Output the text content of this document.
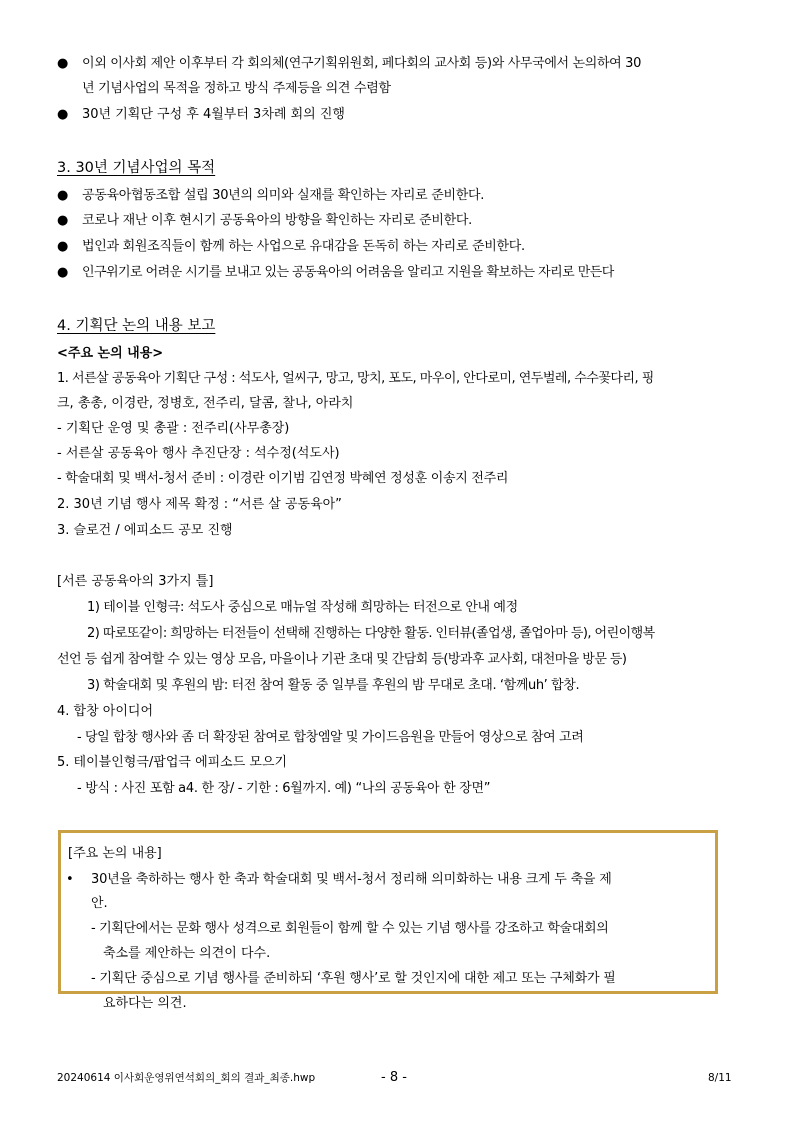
● 이외 이사회 제안 이후부터 각 회의체(연구기획위원회, 페다회의 교사회 등)와 사무국에서 논의하여 30
년 기념사업의 목적을 정하고 방식 주제등을 의견 수렴함
● 30년 기획단 구성 후 4월부터 3차례 회의 진행
3. 30년 기념사업의 목적
● 공동육아협동조합 설립 30년의 의미와 실재를 확인하는 자리로 준비한다.
● 코로나 재난 이후 현시기 공동육아의 방향을 확인하는 자리로 준비한다.
● 법인과 회원조직들이 함께 하는 사업으로 유대감을 돈독히 하는 자리로 준비한다.
● 인구위기로 어려운 시기를 보내고 있는 공동육아의 어려움을 알리고 지원을 확보하는 자리로 만든다
4. 기획단 논의 내용 보고
<주요 논의 내용>
1. 서른살 공동육아 기획단 구성 : 석도사, 얼씨구, 망고, 망치, 포도, 마우이, 안다로미, 연두벌레, 수수꽃다리, 핑
크, 총총, 이경란, 정병호, 전주리, 달콤, 찰나, 아라치
- 기획단 운영 및 총괄 : 전주리(사무총장)
- 서른살 공동육아 행사 추진단장 : 석수정(석도사)
- 학술대회 및 백서-청서 준비 : 이경란 이기범 김연정 박혜연 정성훈 이송지 전주리
2. 30년 기념 행사 제목 확정 : “서른 살 공동육아”
3. 슬로건 / 에피소드 공모 진행
[서른 공동육아의 3가지 틀]
1) 테이블 인형극: 석도사 중심으로 매뉴얼 작성해 희망하는 터전으로 안내 예정
2) 따로또같이: 희망하는 터전들이 선택해 진행하는 다양한 활동. 인터뷰(졸업생, 졸업아마 등), 어린이행복
선언 등 쉽게 참여할 수 있는 영상 모음, 마을이나 기관 초대 및 간담회 등(방과후 교사회, 대천마을 방문 등)
3) 학술대회 및 후원의 밤: 터전 참여 활동 중 일부를 후원의 밤 무대로 초대. ‘함께uh’ 합창.
4. 합창 아이디어
- 당일 합창 행사와 좀 더 확장된 참여로 합창엠알 및 가이드음원을 만들어 영상으로 참여 고려
5. 테이블인형극/팝업극 에피소드 모으기
- 방식 : 사진 포함 a4. 한 장/ - 기한 : 6월까지. 예) “나의 공동육아 한 장면”
[주요 논의 내용]
• 30년을 축하하는 행사 한 축과 학술대회 및 백서-청서 정리해 의미화하는 내용 크게 두 축을 제
안.
- 기획단에서는 문화 행사 성격으로 회원들이 함께 할 수 있는 기념 행사를 강조하고 학술대회의
축소를 제안하는 의견이 다수.
- 기획단 중심으로 기념 행사를 준비하되 ‘후원 행사’로 할 것인지에 대한 제고 또는 구체화가 필
요하다는 의견.
20240614 이사회운영위연석회의_회의 결과_최종.hwp	- 8 -	8/11
